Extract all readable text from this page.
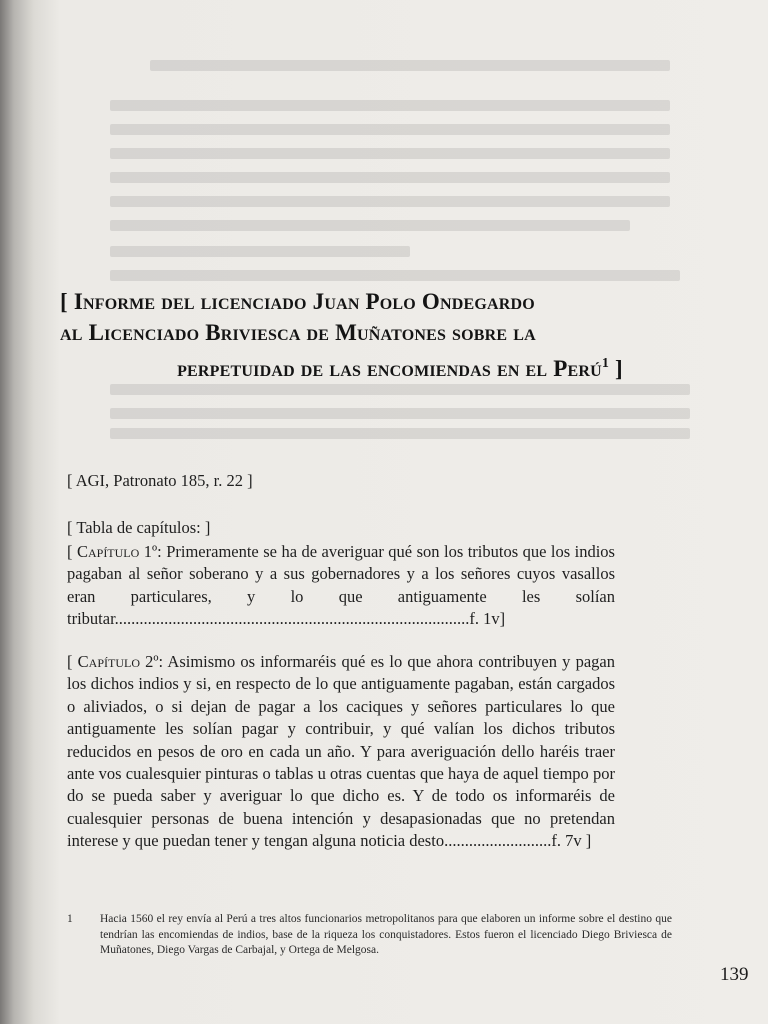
[ Informe del licenciado Juan Polo Ondegardo
al Licenciado Briviesca de Muñatones sobre la
perpetuidad de las encomiendas en el Perú$^1$ ]
[ AGI, Patronato 185, r. 22 ]
[ Tabla de capítulos: ]
[ Capítulo 1º: Primeramente se ha de averiguar qué son los tributos que los indios pagaban al señor soberano y a sus gobernadores y a los señores cuyos vasallos eran particulares, y lo que antiguamente les solían tributar......................................................................................f. 1v]
[ Capítulo 2º: Asimismo os informaréis qué es lo que ahora contribuyen y pagan los dichos indios y si, en respecto de lo que antiguamente pagaban, están cargados o aliviados, o si dejan de pagar a los caciques y señores particulares lo que antiguamente les solían pagar y contribuir, y qué valían los dichos tributos reducidos en pesos de oro en cada un año. Y para averiguación dello haréis traer ante vos cualesquier pinturas o tablas u otras cuentas que haya de aquel tiempo por do se pueda saber y averiguar lo que dicho es. Y de todo os informaréis de cualesquier personas de buena intención y desapasionadas que no pretendan interese y que puedan tener y tengan alguna noticia desto..........................f. 7v ]
1 Hacia 1560 el rey envía al Perú a tres altos funcionarios metropolitanos para que elaboren un informe sobre el destino que tendrían las encomiendas de indios, base de la riqueza los conquistadores. Estos fueron el licenciado Diego Briviesca de Muñatones, Diego Vargas de Carbajal, y Ortega de Melgosa.
139
